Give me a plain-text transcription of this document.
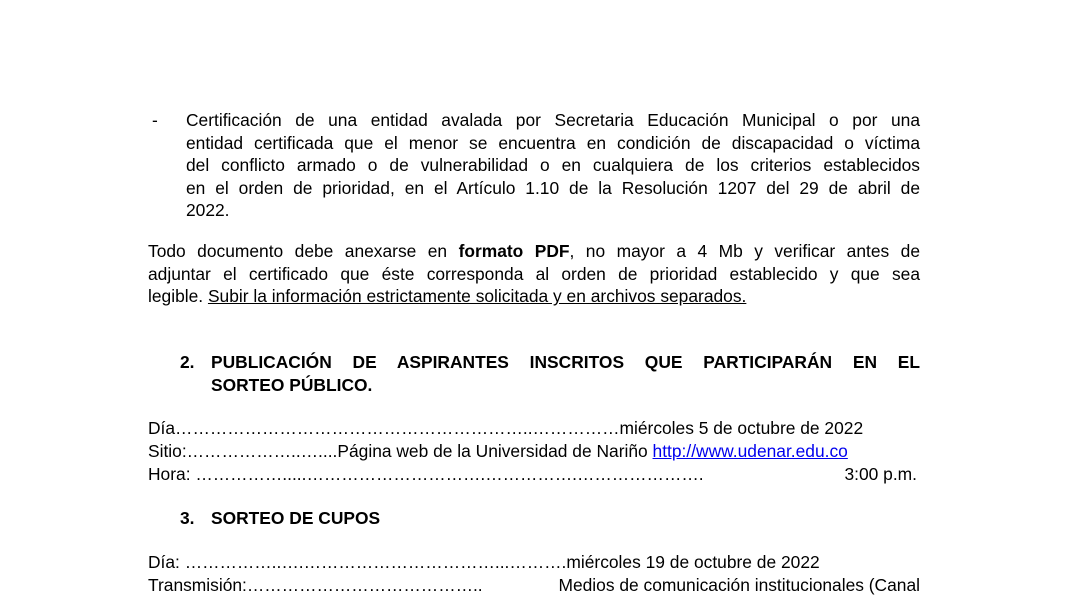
- Certificación de una entidad avalada por Secretaria Educación Municipal o por una
entidad certificada que el menor se encuentra en condición de discapacidad o víctima
del conflicto armado o de vulnerabilidad o en cualquiera de los criterios establecidos
en el orden de prioridad, en el Artículo 1.10 de la Resolución 1207 del 29 de abril de
2022.
Todo documento debe anexarse en formato PDF, no mayor a 4 Mb y verificar antes de
adjuntar el certificado que éste corresponda al orden de prioridad establecido y que sea
legible. Subir la información estrictamente solicitada y en archivos separados.
2. PUBLICACIÓN DE ASPIRANTES INSCRITOS QUE PARTICIPARÁN EN EL
SORTEO PÚBLICO.
Día……………………………………………………..……………miércoles 5 de octubre de 2022
Sitio:………………..…....Página web de la Universidad de Nariño http://www.udenar.edu.co
Hora: …………….....………………………….…………….………………….	3:00 p.m.
3. SORTEO DE CUPOS
Día: ……………..….……………………………...……….miércoles 19 de octubre de 2022
Transmisión:…………………………………..	Medios de comunicación institucionales (Canal
